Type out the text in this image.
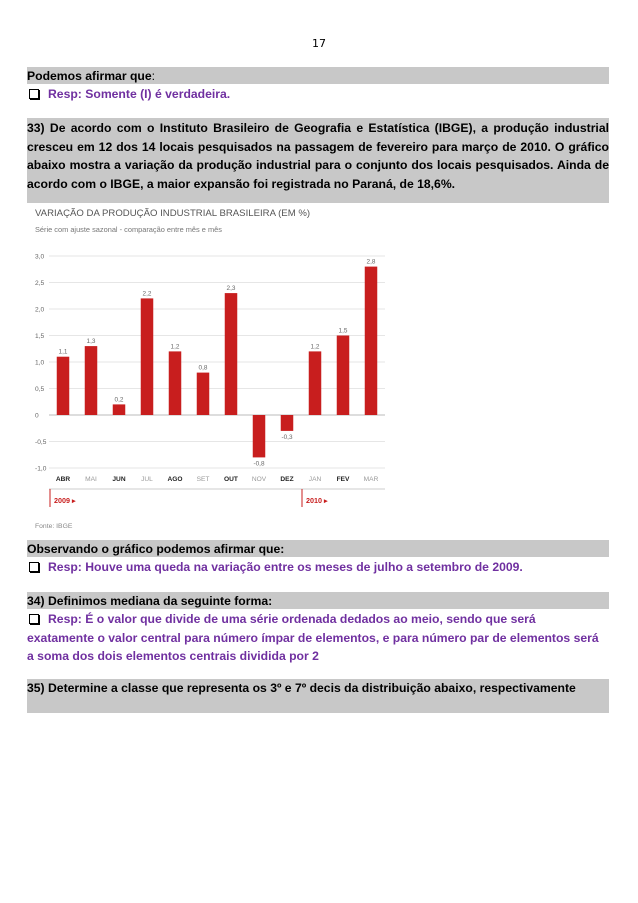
17
Podemos afirmar que:
Resp: Somente (I) é verdadeira.
33) De acordo com o Instituto Brasileiro de Geografia e Estatística (IBGE), a produção industrial cresceu em 12 dos 14 locais pesquisados na passagem de fevereiro para março de 2010. O gráfico abaixo mostra a variação da produção industrial para o conjunto dos locais pesquisados. Ainda de acordo com o IBGE, a maior expansão foi registrada no Paraná, de 18,6%.
VARIAÇÃO DA PRODUÇÃO INDUSTRIAL BRASILEIRA (EM %)
Série com ajuste sazonal - comparação entre mês e mês
3,0
2,5
2,0
1,5
1,0
0,5
0
-0,5
-1,0
1,1
1,3
0,2
2,2
1,2
0,8
2,3
-0,8
-0,3
1,2
1,5
2,8
ABR MAI JUN JUL AGO SET OUT NOV DEZ JAN FEV MAR
2009 ▸	2010 ▸
Fonte: IBGE
Observando o gráfico podemos afirmar que:
Resp: Houve uma queda na variação entre os meses de julho a setembro de 2009.
34) Definimos mediana da seguinte forma:
Resp: É o valor que divide de uma série ordenada dedados ao meio, sendo que será exatamente o valor central para número ímpar de elementos, e para número par de elementos será a soma dos dois elementos centrais dividida por 2
35) Determine a classe que representa os 3º e 7º decis da distribuição abaixo, respectivamente
